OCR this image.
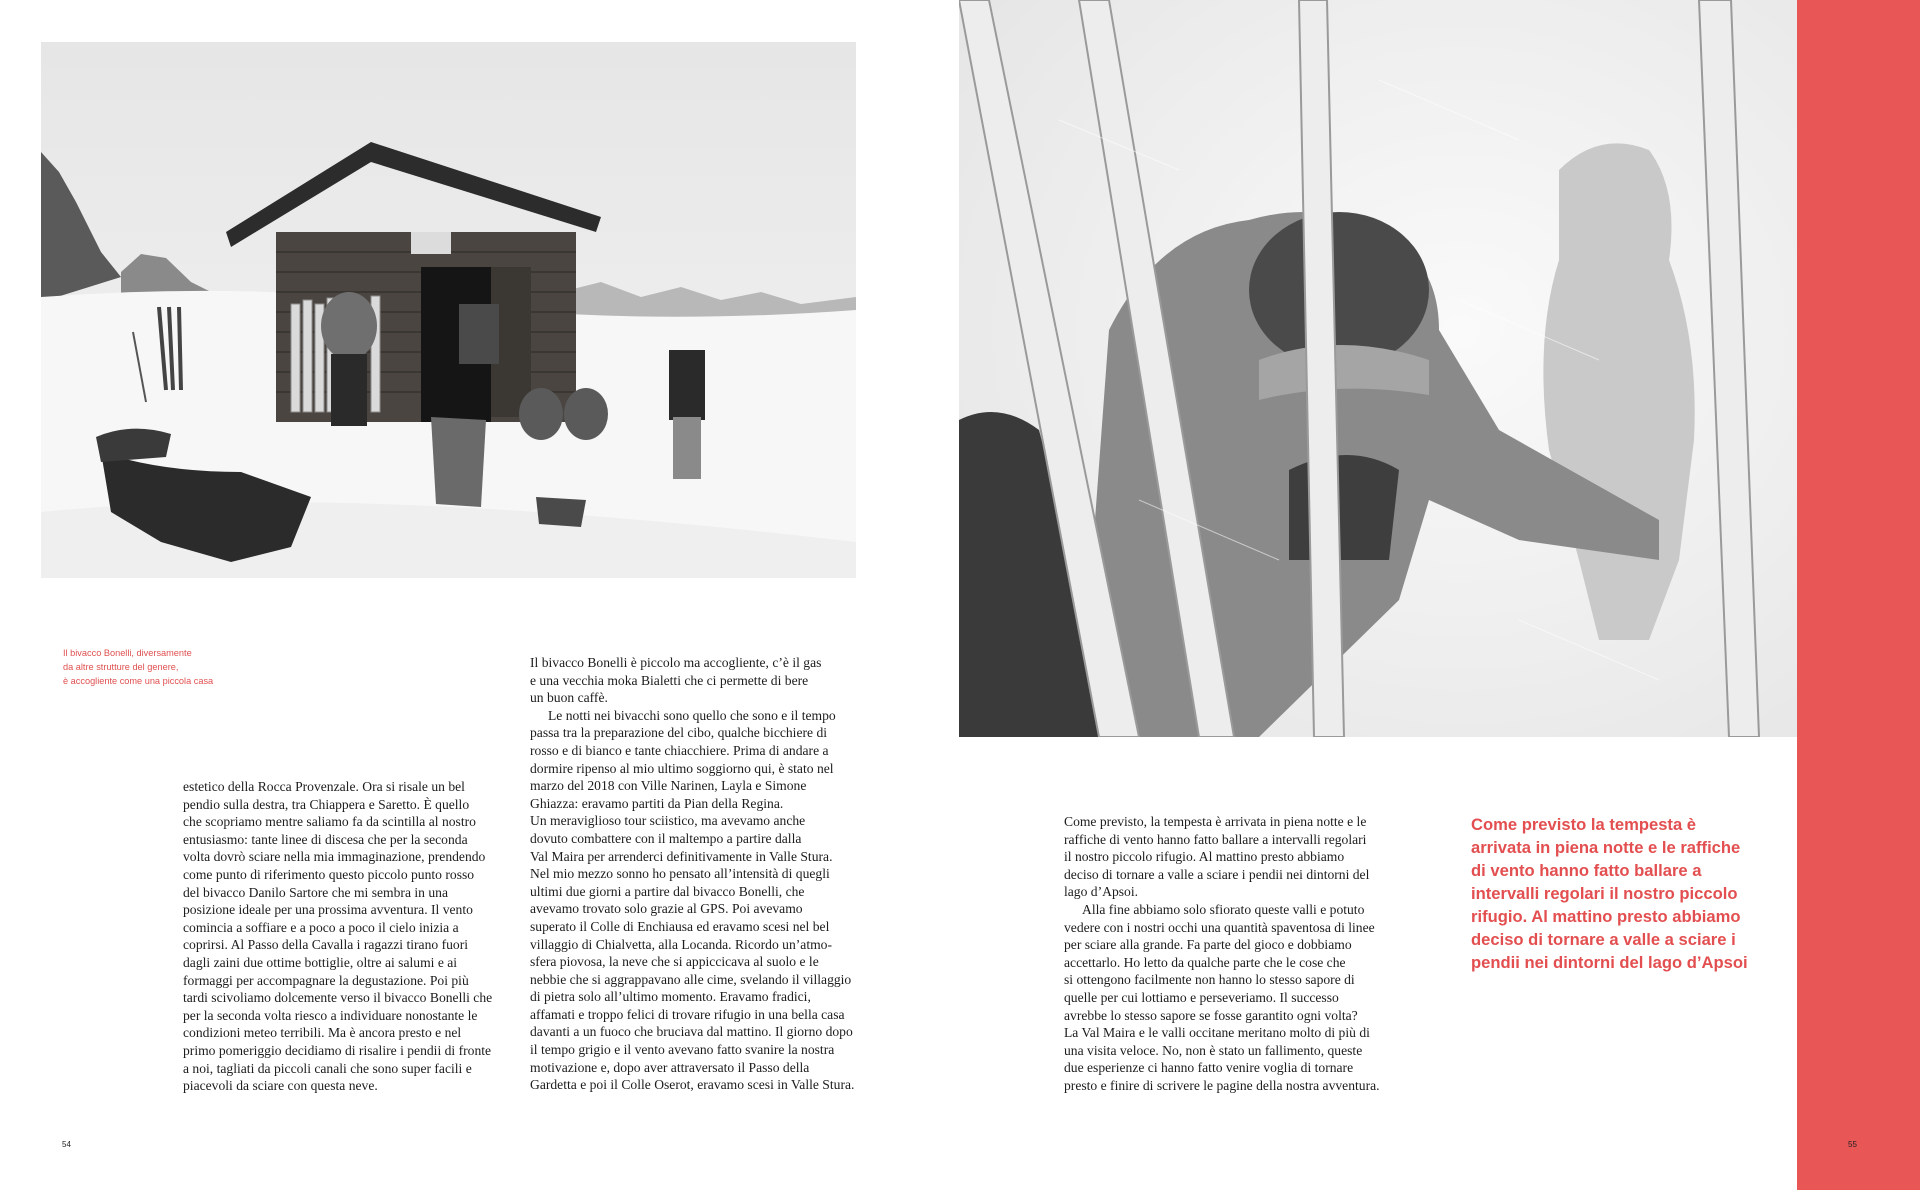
Il bivacco Bonelli, diversamente
da altre strutture del genere,
è accogliente come una piccola casa

estetico della Rocca Provenzale. Ora si risale un bel
pendio sulla destra, tra Chiappera e Saretto. È quello
che scopriamo mentre saliamo fa da scintilla al nostro
entusiasmo: tante linee di discesa che per la seconda
volta dovrò sciare nella mia immaginazione, prendendo
come punto di riferimento questo piccolo punto rosso
del bivacco Danilo Sartore che mi sembra in una
posizione ideale per una prossima avventura. Il vento
comincia a soffiare e a poco a poco il cielo inizia a
coprirsi. Al Passo della Cavalla i ragazzi tirano fuori
dagli zaini due ottime bottiglie, oltre ai salumi e ai
formaggi per accompagnare la degustazione. Poi più
tardi scivoliamo dolcemente verso il bivacco Bonelli che
per la seconda volta riesco a individuare nonostante le
condizioni meteo terribili. Ma è ancora presto e nel
primo pomeriggio decidiamo di risalire i pendii di fronte
a noi, tagliati da piccoli canali che sono super facili e
piacevoli da sciare con questa neve.

Il bivacco Bonelli è piccolo ma accogliente, c’è il gas
e una vecchia moka Bialetti che ci permette di bere
un buon caffè.
Le notti nei bivacchi sono quello che sono e il tempo
passa tra la preparazione del cibo, qualche bicchiere di
rosso e di bianco e tante chiacchiere. Prima di andare a
dormire ripenso al mio ultimo soggiorno qui, è stato nel
marzo del 2018 con Ville Narinen, Layla e Simone
Ghiazza: eravamo partiti da Pian della Regina.
Un meraviglioso tour sciistico, ma avevamo anche
dovuto combattere con il maltempo a partire dalla
Val Maira per arrenderci definitivamente in Valle Stura.
Nel mio mezzo sonno ho pensato all’intensità di quegli
ultimi due giorni a partire dal bivacco Bonelli, che
avevamo trovato solo grazie al GPS. Poi avevamo
superato il Colle di Enchiausa ed eravamo scesi nel bel
villaggio di Chialvetta, alla Locanda. Ricordo un’atmo-
sfera piovosa, la neve che si appiccicava al suolo e le
nebbie che si aggrappavano alle cime, svelando il villaggio
di pietra solo all’ultimo momento. Eravamo fradici,
affamati e troppo felici di trovare rifugio in una bella casa
davanti a un fuoco che bruciava dal mattino. Il giorno dopo
il tempo grigio e il vento avevano fatto svanire la nostra
motivazione e, dopo aver attraversato il Passo della
Gardetta e poi il Colle Oserot, eravamo scesi in Valle Stura.

Come previsto, la tempesta è arrivata in piena notte e le
raffiche di vento hanno fatto ballare a intervalli regolari
il nostro piccolo rifugio. Al mattino presto abbiamo
deciso di tornare a valle a sciare i pendii nei dintorni del
lago d’Apsoi.
Alla fine abbiamo solo sfiorato queste valli e potuto
vedere con i nostri occhi una quantità spaventosa di linee
per sciare alla grande. Fa parte del gioco e dobbiamo
accettarlo. Ho letto da qualche parte che le cose che
si ottengono facilmente non hanno lo stesso sapore di
quelle per cui lottiamo e perseveriamo. Il successo
avrebbe lo stesso sapore se fosse garantito ogni volta?
La Val Maira e le valli occitane meritano molto di più di
una visita veloce. No, non è stato un fallimento, queste
due esperienze ci hanno fatto venire voglia di tornare
presto e finire di scrivere le pagine della nostra avventura.

Come previsto la tempesta è
arrivata in piena notte e le raffiche
di vento hanno fatto ballare a
intervalli regolari il nostro piccolo
rifugio. Al mattino presto abbiamo
deciso di tornare a valle a sciare i
pendii nei dintorni del lago d’Apsoi

54	55
